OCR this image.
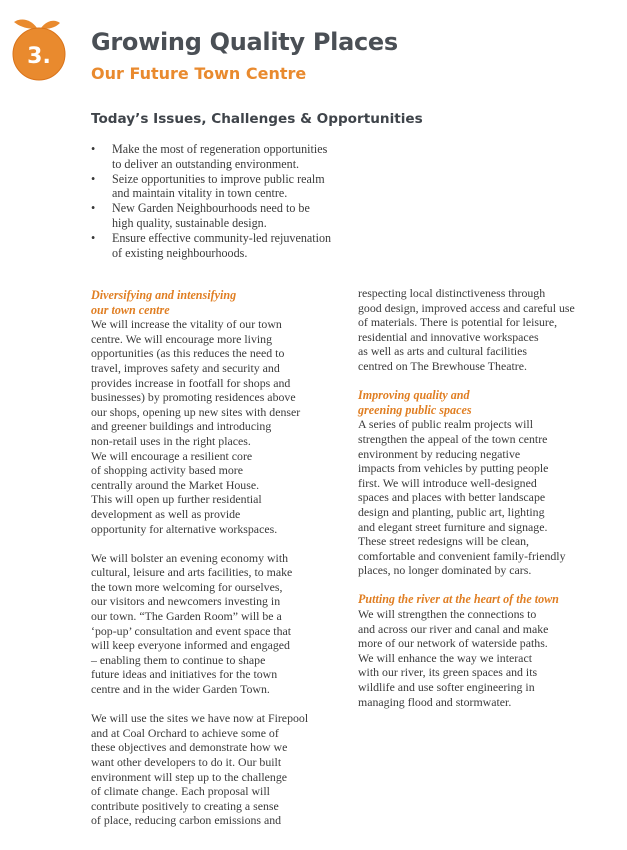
3.
Growing Quality Places
Our Future Town Centre
Today’s Issues, Challenges & Opportunities
• Make the most of regeneration opportunities
to deliver an outstanding environment.
• Seize opportunities to improve public realm
and maintain vitality in town centre.
• New Garden Neighbourhoods need to be
high quality, sustainable design.
• Ensure effective community-led rejuvenation
of existing neighbourhoods.
Diversifying and intensifying
our town centre

We will increase the vitality of our town
centre. We will encourage more living
opportunities (as this reduces the need to
travel, improves safety and security and
provides increase in footfall for shops and
businesses) by promoting residences above
our shops, opening up new sites with denser
and greener buildings and introducing
non-retail uses in the right places.
We will encourage a resilient core
of shopping activity based more
centrally around the Market House.
This will open up further residential
development as well as provide
opportunity for alternative workspaces.

We will bolster an evening economy with
cultural, leisure and arts facilities, to make
the town more welcoming for ourselves,
our visitors and newcomers investing in
our town. “The Garden Room” will be a
‘pop-up’ consultation and event space that
will keep everyone informed and engaged
– enabling them to continue to shape
future ideas and initiatives for the town
centre and in the wider Garden Town.

We will use the sites we have now at Firepool
and at Coal Orchard to achieve some of
these objectives and demonstrate how we
want other developers to do it. Our built
environment will step up to the challenge
of climate change. Each proposal will
contribute positively to creating a sense
of place, reducing carbon emissions and

respecting local distinctiveness through
good design, improved access and careful use
of materials. There is potential for leisure,
residential and innovative workspaces
as well as arts and cultural facilities
centred on The Brewhouse Theatre.

Improving quality and
greening public spaces

A series of public realm projects will
strengthen the appeal of the town centre
environment by reducing negative
impacts from vehicles by putting people
first. We will introduce well-designed
spaces and places with better landscape
design and planting, public art, lighting
and elegant street furniture and signage.
These street redesigns will be clean,
comfortable and convenient family-friendly
places, no longer dominated by cars.

Putting the river at the heart of the town

We will strengthen the connections to
and across our river and canal and make
more of our network of waterside paths.
We will enhance the way we interact
with our river, its green spaces and its
wildlife and use softer engineering in
managing flood and stormwater.
